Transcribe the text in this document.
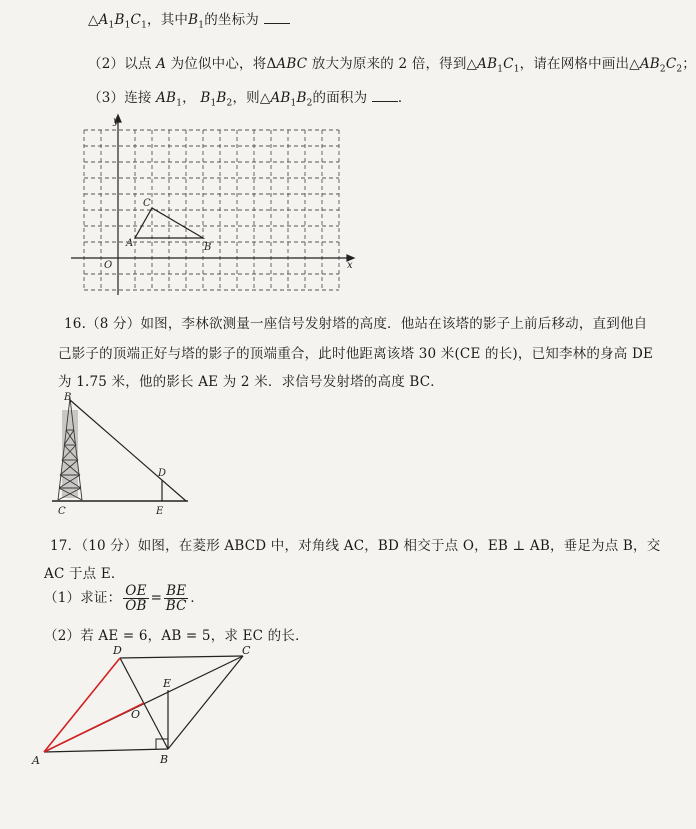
$\triangle A_1B_1C_1$，其中$B_1$的坐标为
（2）以点 A 为位似中心，将ΔABC 放大为原来的 2 倍，得到$\triangle AB_1C_1$，请在网格中画出$\triangle AB_2C_2$；
（3）连接 $AB_1$， $B_1B_2$，则$\triangle AB_1B_2$的面积为 ．
y
x
O
A	B
C
16.（8 分）如图，李林欲测量一座信号发射塔的高度．他站在该塔的影子上前后移动，直到他自
己影子的顶端正好与塔的影子的顶端重合，此时他距离该塔 30 米(CE 的长)，已知李林的身高 DE
为 1.75 米，他的影长 AE 为 2 米．求信号发射塔的高度 BC．
B
C
D
E
17．（10 分）如图，在菱形 ABCD 中，对角线 AC，BD 相交于点 O，EB ⊥ AB，垂足为点 B，交
AC 于点 E．
（1）求证： $\frac{OE}{OB} = \frac{BE}{BC}$ ．
（2）若 AE = 6，AB = 5，求 EC 的长．
A	B
C
D
E
O
